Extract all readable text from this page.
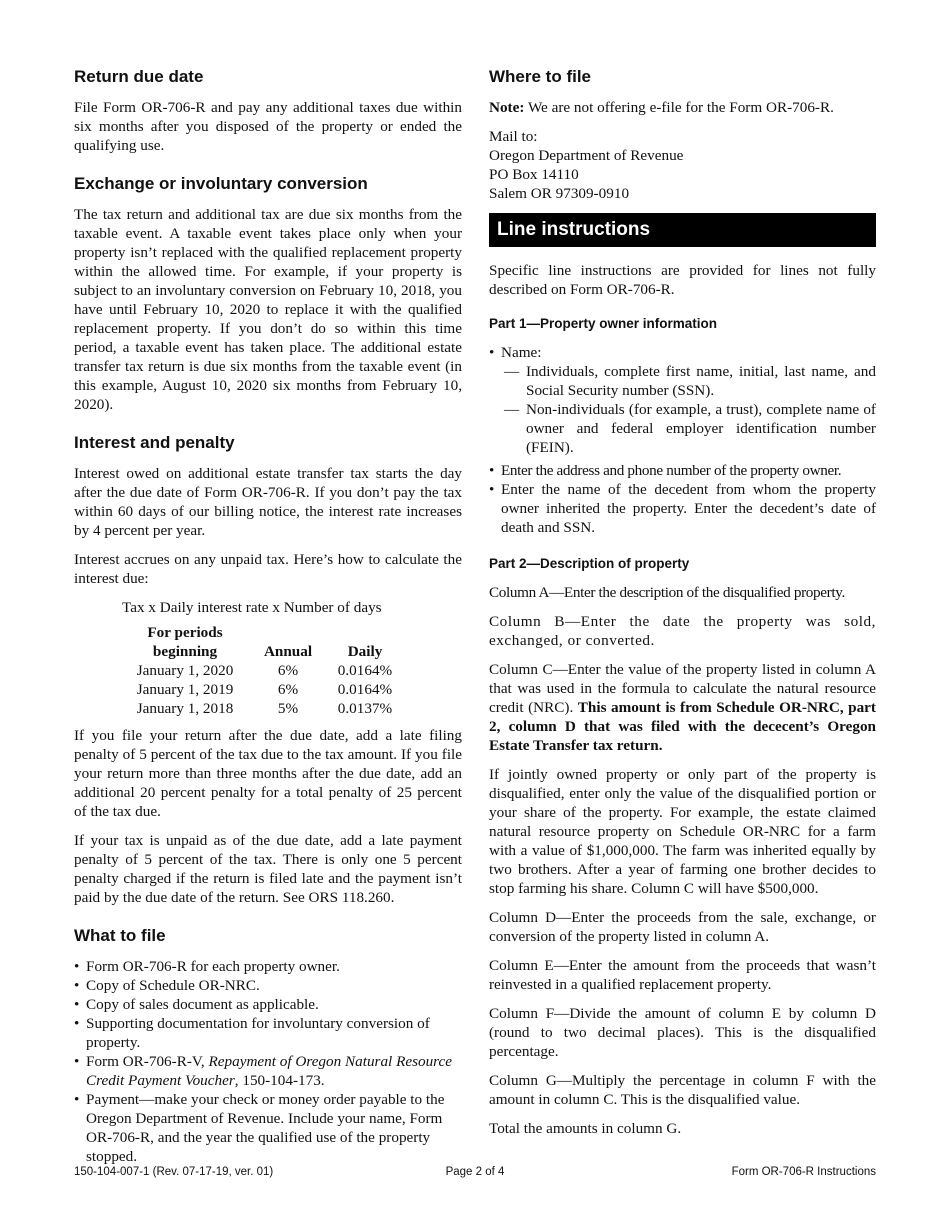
Return due date

File Form OR-706-R and pay any additional taxes due within six months after you disposed of the property or ended the qualifying use.

Exchange or involuntary conversion

The tax return and additional tax are due six months from the taxable event. A taxable event takes place only when your property isn’t replaced with the qualified replacement property within the allowed time. For example, if your property is subject to an involuntary conversion on February 10, 2018, you have until February 10, 2020 to replace it with the qualified replacement property. If you don’t do so within this time period, a taxable event has taken place. The additional estate transfer tax return is due six months from the taxable event (in this example, August 10, 2020 six months from February 10, 2020).

Interest and penalty

Interest owed on additional estate transfer tax starts the day after the due date of Form OR-706-R. If you don’t pay the tax within 60 days of our billing notice, the interest rate increases by 4 percent per year.

Interest accrues on any unpaid tax. Here’s how to calculate the interest due:

Tax x Daily interest rate x Number of days
For periods
beginning	Annual	Daily
January 1, 2020	6%	0.0164%
January 1, 2019	6%	0.0164%
January 1, 2018	5%	0.0137%

If you file your return after the due date, add a late filing penalty of 5 percent of the tax due to the tax amount. If you file your return more than three months after the due date, add an additional 20 percent penalty for a total penalty of 25 percent of the tax due.

If your tax is unpaid as of the due date, add a late payment penalty of 5 percent of the tax. There is only one 5 percent penalty charged if the return is filed late and the payment isn’t paid by the due date of the return. See ORS 118.260.

What to file
• Form OR-706-R for each property owner.
• Copy of Schedule OR-NRC.
• Copy of sales document as applicable.
• Supporting documentation for involuntary conversion of property.
• Form OR-706-R-V, Repayment of Oregon Natural Resource Credit Payment Voucher, 150-104-173.
• Payment—make your check or money order payable to the Oregon Department of Revenue. Include your name, Form OR-706-R, and the year the qualified use of the property stopped.
Where to file

Note: We are not offering e-file for the Form OR-706-R.

Mail to:
Oregon Department of Revenue
PO Box 14110
Salem OR 97309-0910
Line instructions

Specific line instructions are provided for lines not fully described on Form OR-706-R.

Part 1—Property owner information
• Name:
— Individuals, complete first name, initial, last name, and Social Security number (SSN).
— Non-individuals (for example, a trust), complete name of owner and federal employer identification number (FEIN).
• Enter the address and phone number of the property owner.
• Enter the name of the decedent from whom the property owner inherited the property. Enter the decedent’s date of death and SSN.
Part 2—Description of property

Column A—Enter the description of the disqualified property.

Column B—Enter the date the property was sold, exchanged, or converted.

Column C—Enter the value of the property listed in column A that was used in the formula to calculate the natural resource credit (NRC). This amount is from Schedule OR-NRC, part 2, column D that was filed with the dececent’s Oregon Estate Transfer tax return.

If jointly owned property or only part of the property is disqualified, enter only the value of the disqualified portion or your share of the property. For example, the estate claimed natural resource property on Schedule OR-NRC for a farm with a value of $1,000,000. The farm was inherited equally by two brothers. After a year of farming one brother decides to stop farming his share. Column C will have $500,000.

Column D—Enter the proceeds from the sale, exchange, or conversion of the property listed in column A.

Column E—Enter the amount from the proceeds that wasn’t reinvested in a qualified replacement property.

Column F—Divide the amount of column E by column D (round to two decimal places). This is the disqualified percentage.

Column G—Multiply the percentage in column F with the amount in column C. This is the disqualified value.

Total the amounts in column G.

150-104-007-1 (Rev. 07-17-19, ver. 01)	Page 2 of 4	Form OR-706-R Instructions
